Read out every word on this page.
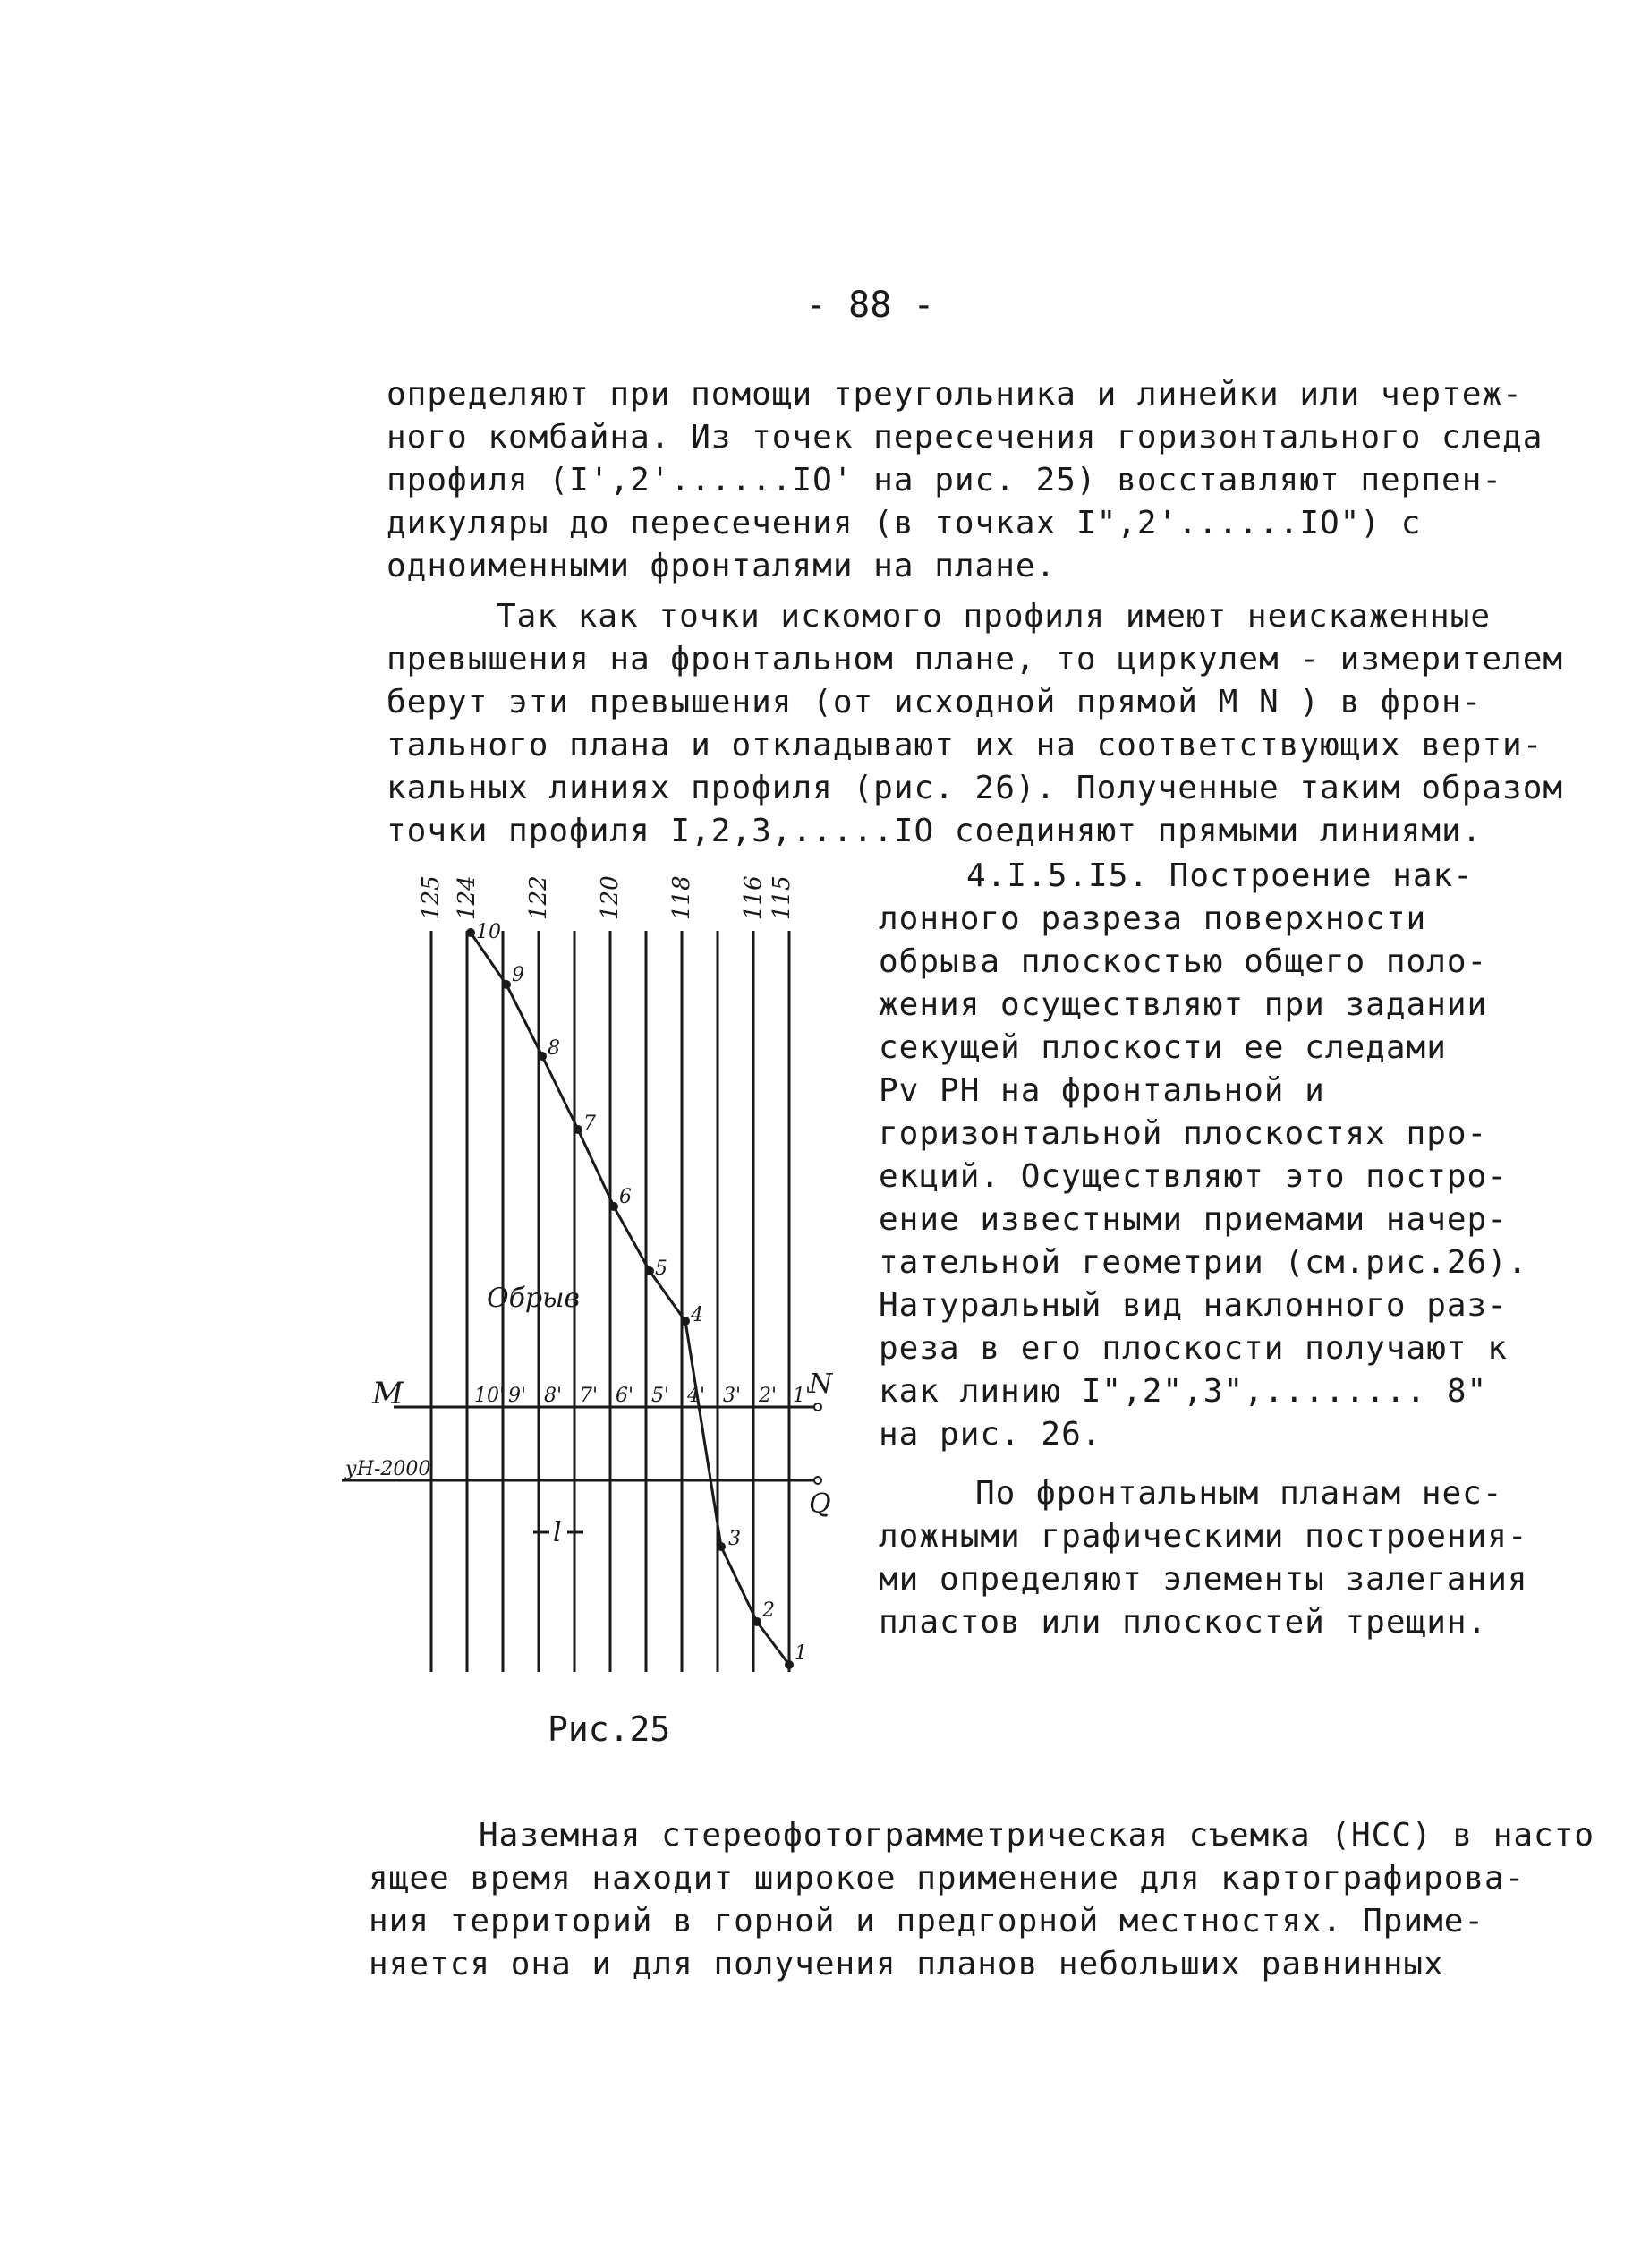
- 88 -
определяют при помощи треугольника и линейки или чертеж-
ного комбайна. Из точек пересечения горизонтального следа
профиля (I',2'......IO' на рис. 25) восставляют перпен-
дикуляры до пересечения (в точках I",2'......IO") с
одноименными фронталями на плане.
Так как точки искомого профиля имеют неискаженные
превышения на фронтальном плане, то циркулем - измерителем
берут эти превышения (от исходной прямой M N ) в фрон-
тального плана и откладывают их на соответствующих верти-
кальных линиях профиля (рис. 26). Полученные таким образом
точки профиля I,2,3,.....IO соединяют прямыми линиями.
4.I.5.I5. Построение нак-
лонного разреза поверхности
обрыва плоскостью общего поло-
жения осуществляют при задании
секущей плоскости ее следами
Pv PH на фронтальной и
горизонтальной плоскостях про-
екций. Осуществляют это постро-
ение известными приемами начер-
тательной геометрии (см.рис.26).
Натуральный вид наклонного раз-
реза в его плоскости получают к
как линию I",2",3",........ 8"
на рис. 26.
По фронтальным планам нес-
ложными графическими построения-
ми определяют элементы залегания
пластов или плоскостей трещин.
125 124 122 120 118 116 115
10
9
8
7
6
5
4
3
2
1
10' 9' 8' 7' 6' 5' 4' 3' 2' 1'
M	N
Q
уН-2000
l
Обрыв
Рис.25
Наземная стереофотограмметрическая съемка (НСС) в насто
ящее время находит широкое применение для картографирова-
ния территорий в горной и предгорной местностях. Приме-
няется она и для получения планов небольших равнинных
